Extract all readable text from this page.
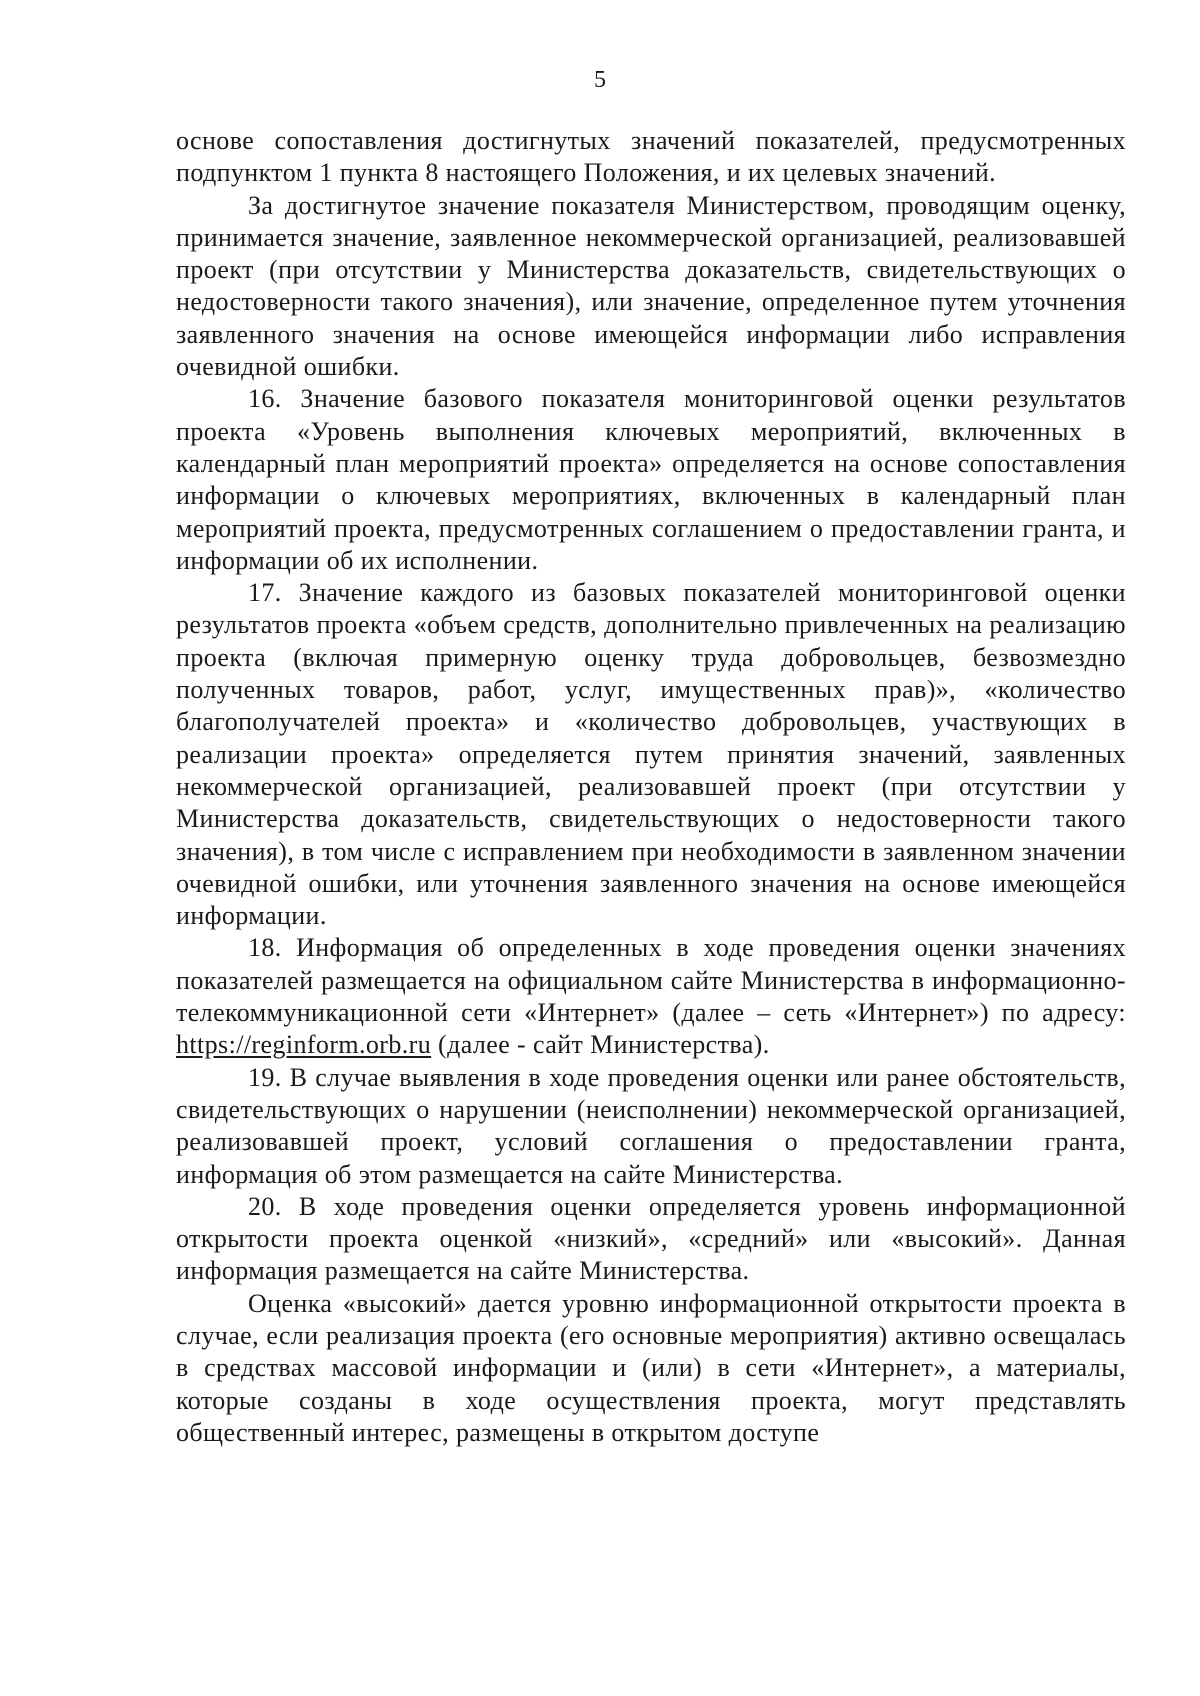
5

основе сопоставления достигнутых значений показателей, предусмотренных подпунктом 1 пункта 8 настоящего Положения, и их целевых значений.

За достигнутое значение показателя Министерством, проводящим оценку, принимается значение, заявленное некоммерческой организацией, реализовавшей проект (при отсутствии у Министерства доказательств, свидетельствующих о недостоверности такого значения), или значение, определенное путем уточнения заявленного значения на основе имеющейся информации либо исправления очевидной ошибки.

16. Значение базового показателя мониторинговой оценки результатов проекта «Уровень выполнения ключевых мероприятий, включенных в календарный план мероприятий проекта» определяется на основе сопоставления информации о ключевых мероприятиях, включенных в календарный план мероприятий проекта, предусмотренных соглашением о предоставлении гранта, и информации об их исполнении.

17. Значение каждого из базовых показателей мониторинговой оценки результатов проекта «объем средств, дополнительно привлеченных на реализацию проекта (включая примерную оценку труда добровольцев, безвозмездно полученных товаров, работ, услуг, имущественных прав)», «количество благополучателей проекта» и «количество добровольцев, участвующих в реализации проекта» определяется путем принятия значений, заявленных некоммерческой организацией, реализовавшей проект (при отсутствии у Министерства доказательств, свидетельствующих о недостоверности такого значения), в том числе с исправлением при необходимости в заявленном значении очевидной ошибки, или уточнения заявленного значения на основе имеющейся информации.

18. Информация об определенных в ходе проведения оценки значениях показателей размещается на официальном сайте Министерства в информационно-телекоммуникационной сети «Интернет» (далее – сеть «Интернет») по адресу: https://reginform.orb.ru (далее - сайт Министерства).

19. В случае выявления в ходе проведения оценки или ранее обстоятельств, свидетельствующих о нарушении (неисполнении) некоммерческой организацией, реализовавшей проект, условий соглашения о предоставлении гранта, информация об этом размещается на сайте Министерства.

20. В ходе проведения оценки определяется уровень информационной открытости проекта оценкой «низкий», «средний» или «высокий». Данная информация размещается на сайте Министерства.

Оценка «высокий» дается уровню информационной открытости проекта в случае, если реализация проекта (его основные мероприятия) активно освещалась в средствах массовой информации и (или) в сети «Интернет», а материалы, которые созданы в ходе осуществления проекта, могут представлять общественный интерес, размещены в открытом доступе
